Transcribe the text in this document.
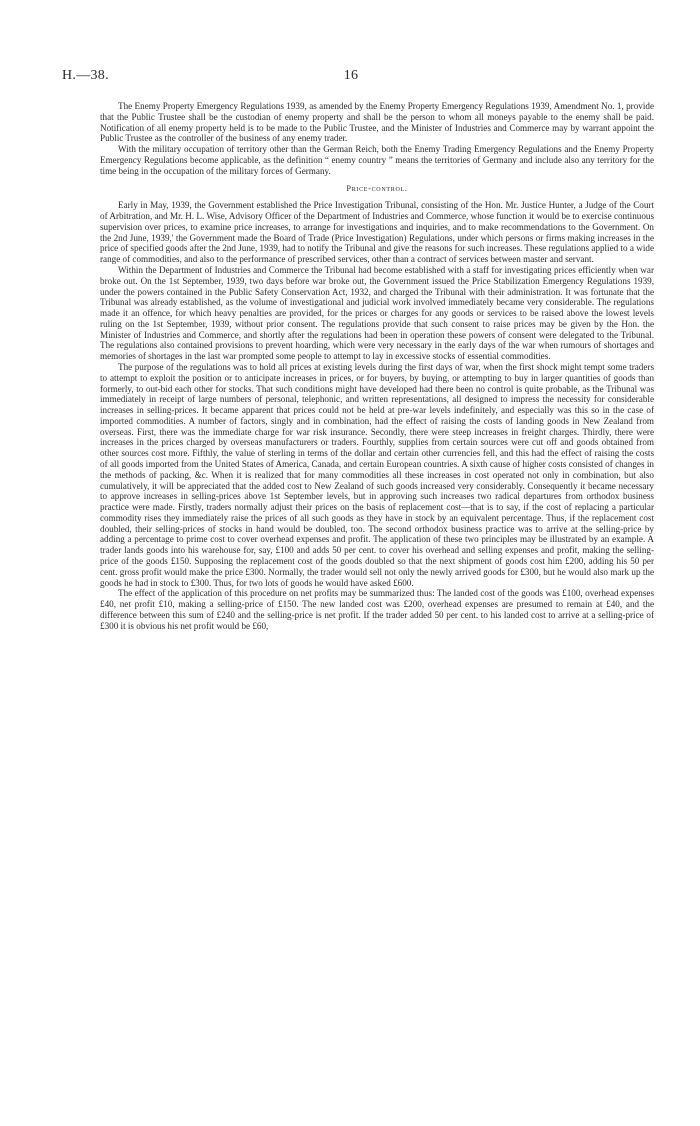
H.—38.	16

The Enemy Property Emergency Regulations 1939, as amended by the Enemy Property Emergency Regulations 1939, Amendment No. 1, provide that the Public Trustee shall be the custodian of enemy property and shall be the person to whom all moneys payable to the enemy shall be paid. Notification of all enemy property held is to be made to the Public Trustee, and the Minister of Industries and Commerce may by warrant appoint the Public Trustee as the controller of the business of any enemy trader.

With the military occupation of territory other than the German Reich, both the Enemy Trading Emergency Regulations and the Enemy Property Emergency Regulations become applicable, as the definition “ enemy country ” means the territories of Germany and include also any territory for the time being in the occupation of the military forces of Germany.

Price-control.

Early in May, 1939, the Government established the Price Investigation Tribunal, consisting of the Hon. Mr. Justice Hunter, a Judge of the Court of Arbitration, and Mr. H. L. Wise, Advisory Officer of the Department of Industries and Commerce, whose function it would be to exercise continuous supervision over prices, to examine price increases, to arrange for investigations and inquiries, and to make recommendations to the Government. On the 2nd June, 1939,' the Government made the Board of Trade (Price Investigation) Regulations, under which persons or firms making increases in the price of specified goods after the 2nd June, 1939, had to notify the Tribunal and give the reasons for such increases. These regulations applied to a wide range of commodities, and also to the performance of prescribed services, other than a contract of services between master and servant.

Within the Department of Industries and Commerce the Tribunal had become established with a staff for investigating prices efficiently when war broke out. On the 1st September, 1939, two days before war broke out, the Government issued the Price Stabilization Emergency Regulations 1939, under the powers contained in the Public Safety Conservation Act, 1932, and charged the Tribunal with their administration. It was fortunate that the Tribunal was already established, as the volume of investigational and judicial work involved immediately became very considerable. The regulations made it an offence, for which heavy penalties are provided, for the prices or charges for any goods or services to be raised above the lowest levels ruling on the 1st September, 1939, without prior consent. The regulations provide that such consent to raise prices may be given by the Hon. the Minister of Industries and Commerce, and shortly after the regulations had been in operation these powers of consent were delegated to the Tribunal. The regulations also contained provisions to prevent hoarding, which were very necessary in the early days of the war when rumours of shortages and memories of shortages in the last war prompted some people to attempt to lay in excessive stocks of essential commodities.

The purpose of the regulations was to hold all prices at existing levels during the first days of war, when the first shock might tempt some traders to attempt to exploit the position or to anticipate increases in prices, or for buyers, by buying, or attempting to buy in larger quantities of goods than formerly, to out-bid each other for stocks. That such conditions might have developed had there been no control is quite probable, as the Tribunal was immediately in receipt of large numbers of personal, telephonic, and written representations, all designed to impress the necessity for considerable increases in selling-prices. It became apparent that prices could not be held at pre-war levels indefinitely, and especially was this so in the case of imported commodities. A number of factors, singly and in combination, had the effect of raising the costs of landing goods in New Zealand from overseas. First, there was the immediate charge for war risk insurance. Secondly, there were steep increases in freight charges. Thirdly, there were increases in the prices charged by overseas manufacturers or traders. Fourthly, supplies from certain sources were cut off and goods obtained from other sources cost more. Fifthly, the value of sterling in terms of the dollar and certain other currencies fell, and this had the effect of raising the costs of all goods imported from the United States of America, Canada, and certain European countries. A sixth cause of higher costs consisted of changes in the methods of packing, &c. When it is realized that for many commodities all these increases in cost operated not only in combination, but also cumulatively, it will be appreciated that the added cost to New Zealand of such goods increased very considerably. Consequently it became necessary to approve increases in selling-prices above 1st September levels, but in approving such increases two radical departures from orthodox business practice were made. Firstly, traders normally adjust their prices on the basis of replacement cost—that is to say, if the cost of replacing a particular commodity rises they immediately raise the prices of all such goods as they have in stock by an equivalent percentage. Thus, if the replacement cost doubled, their selling-prices of stocks in hand would be doubled, too. The second orthodox business practice was to arrive at the selling-price by adding a percentage to prime cost to cover overhead expenses and profit. The application of these two principles may be illustrated by an example. A trader lands goods into his warehouse for, say, £100 and adds 50 per cent. to cover his overhead and selling expenses and profit, making the selling-price of the goods £150. Supposing the replacement cost of the goods doubled so that the next shipment of goods cost him £200, adding his 50 per cent. gross profit would make the price £300. Normally, the trader would sell not only the newly arrived goods for £300, but he would also mark up the goods he had in stock to £300. Thus, for two lots of goods he would have asked £600.

The effect of the application of this procedure on net profits may be summarized thus: The landed cost of the goods was £100, overhead expenses £40, net profit £10, making a selling-price of £150. The new landed cost was £200, overhead expenses are presumed to remain at £40, and the difference between this sum of £240 and the selling-price is net profit. If the trader added 50 per cent. to his landed cost to arrive at a selling-price of £300 it is obvious his net profit would be £60,
